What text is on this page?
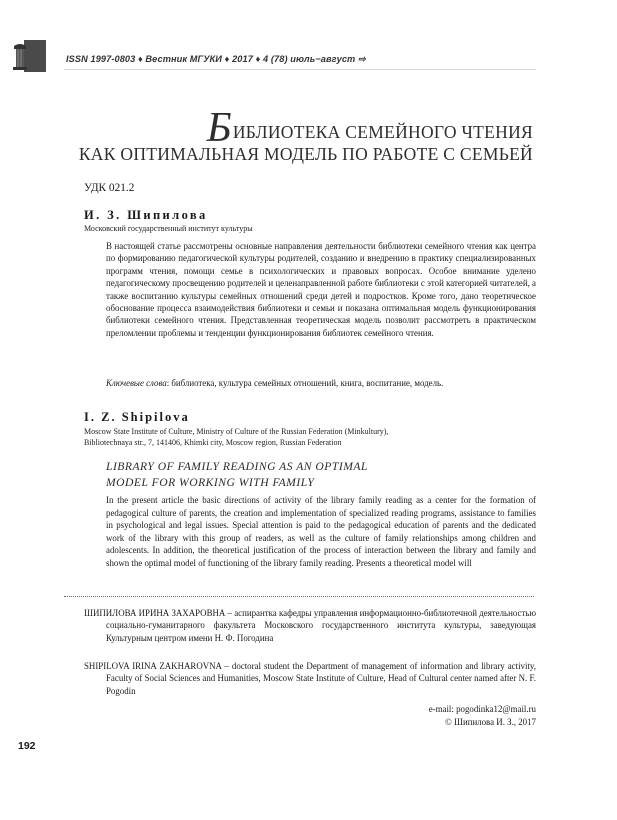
ISSN 1997-0803 ♦ Вестник МГУКИ ♦ 2017 ♦ 4 (78) июль−август ⇨
БИБЛИОТЕКА СЕМЕЙНОГО ЧТЕНИЯ
КАК ОПТИМАЛЬНАЯ МОДЕЛЬ ПО РАБОТЕ С СЕМЬЕЙ
УДК 021.2
И. З. Шипилова
Московский государственный институт культуры
В настоящей статье рассмотрены основные направления деятельности библиотеки семейного чтения как центра по формированию педагогической культуры родителей, созданию и внедрению в практику специализированных программ чтения, помощи семье в психологических и правовых вопросах. Особое внимание уделено педагогическому просвещению родителей и целенаправленной работе библиотеки с этой категорией читателей, а также воспитанию культуры семейных отношений среди детей и подростков. Кроме того, дано теоретическое обоснование процесса взаимодействия библиотеки и семьи и показана оптимальная модель функционирования библиотеки семейного чтения. Представленная теоретическая модель позволит рассмотреть в практическом преломлении проблемы и тенденции функционирования библиотек семейного чтения.
Ключевые слова: библиотека, культура семейных отношений, книга, воспитание, модель.
I. Z. Shipilova
Moscow State Institute of Culture, Ministry of Culture of the Russian Federation (Minkultury),
Bibliotechnaya str., 7, 141406, Khimki city, Moscow region, Russian Federation
LIBRARY OF FAMILY READING AS AN OPTIMAL
MODEL FOR WORKING WITH FAMILY
In the present article the basic directions of activity of the library family reading as a center for the formation of pedagogical culture of parents, the creation and implementation of specialized reading programs, assistance to families in psychological and legal issues. Special attention is paid to the pedagogical education of parents and the dedicated work of the library with this group of readers, as well as the culture of family relationships among children and adolescents. In addition, the theoretical justification of the process of interaction between the library and family and shown the optimal model of functioning of the library family reading. Presents a theoretical model will
ШИПИЛОВА ИРИНА ЗАХАРОВНА – аспирантка кафедры управления информационно-библиотечной деятельностью социально-гуманитарного факультета Московского государственного института культуры, заведующая Культурным центром имени Н. Ф. Погодина
SHIPILOVA IRINA ZAKHAROVNA – doctoral student the Department of management of information and library activity, Faculty of Social Sciences and Humanities, Moscow State Institute of Culture, Head of Cultural center named after N. F. Pogodin
e-mail: pogodinka12@mail.ru
© Шипилова И. З., 2017
192
